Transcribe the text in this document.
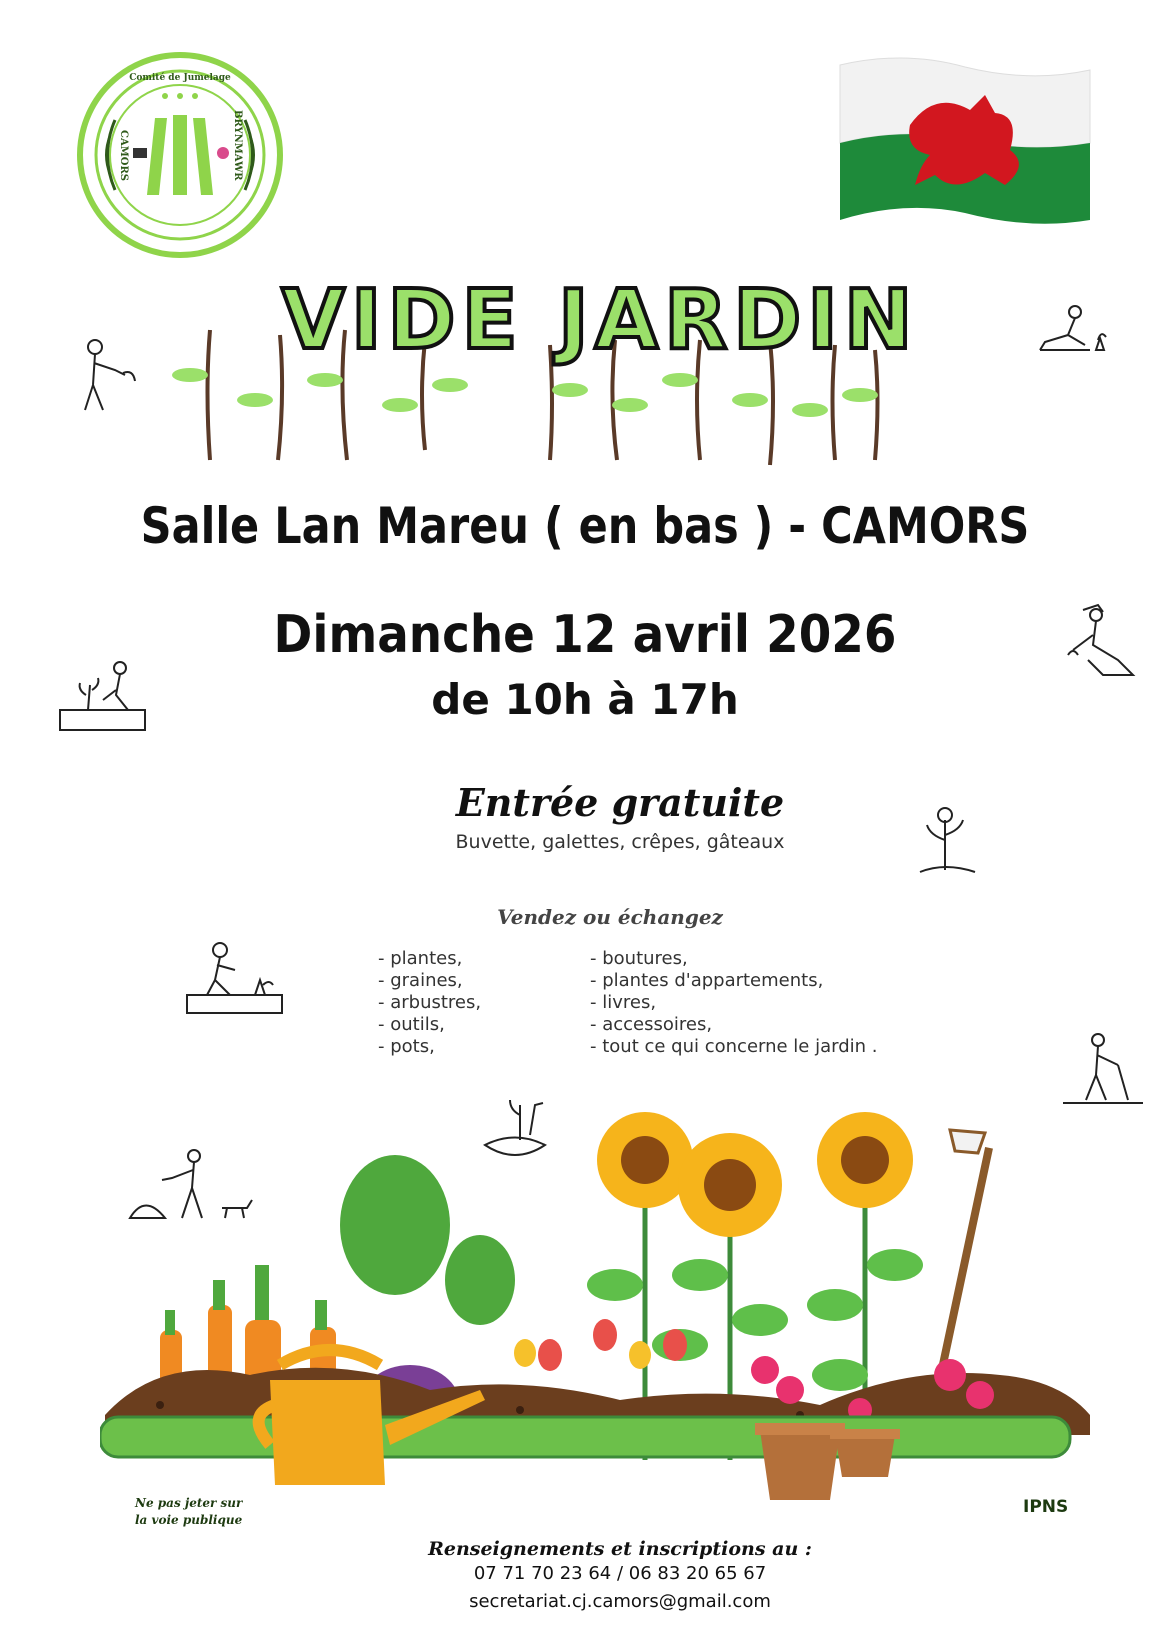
Comité de Jumelage
CAMORS	BRYNMAWR
VIDE JARDIN
Salle Lan Mareu ( en bas ) - CAMORS
Dimanche 12 avril 2026
de 10h à 17h
Entrée gratuite
Buvette, galettes, crêpes, gâteaux
Vendez ou échangez
- plantes,
- graines,
- arbustres,
- outils,
- pots,
- boutures,
- plantes d'appartements,
- livres,
- accessoires,
- tout ce qui concerne le jardin .
Ne pas jeter sur
la voie publique
IPNS
Renseignements et inscriptions au :
07 71 70 23 64 / 06 83 20 65 67
secretariat.cj.camors@gmail.com
